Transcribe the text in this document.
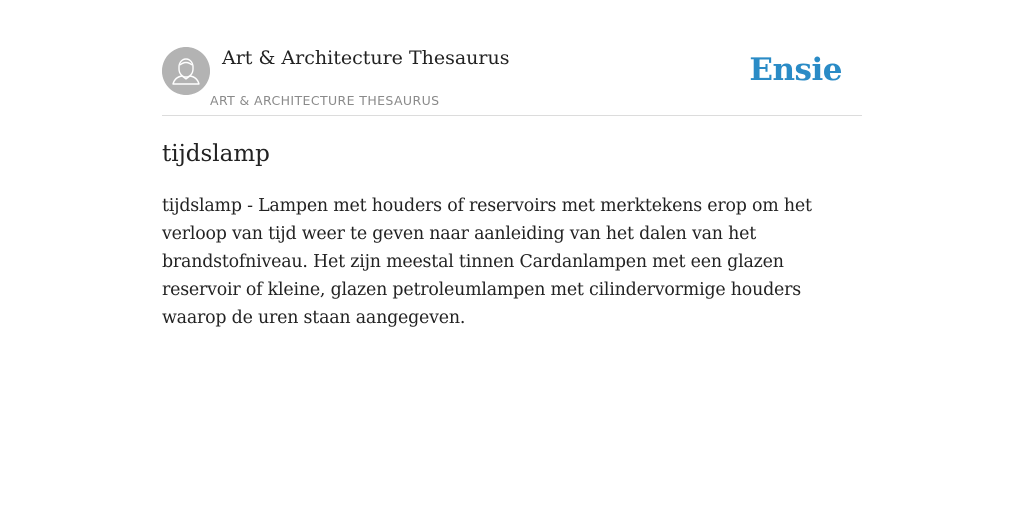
Art & Architecture Thesaurus
ART & ARCHITECTURE THESAURUS
Ensie
tijdslamp

tijdslamp - Lampen met houders of reservoirs met merktekens erop om het verloop van tijd weer te geven naar aanleiding van het dalen van het brandstofniveau. Het zijn meestal tinnen Cardanlampen met een glazen reservoir of kleine, glazen petroleumlampen met cilindervormige houders waarop de uren staan aangegeven.
